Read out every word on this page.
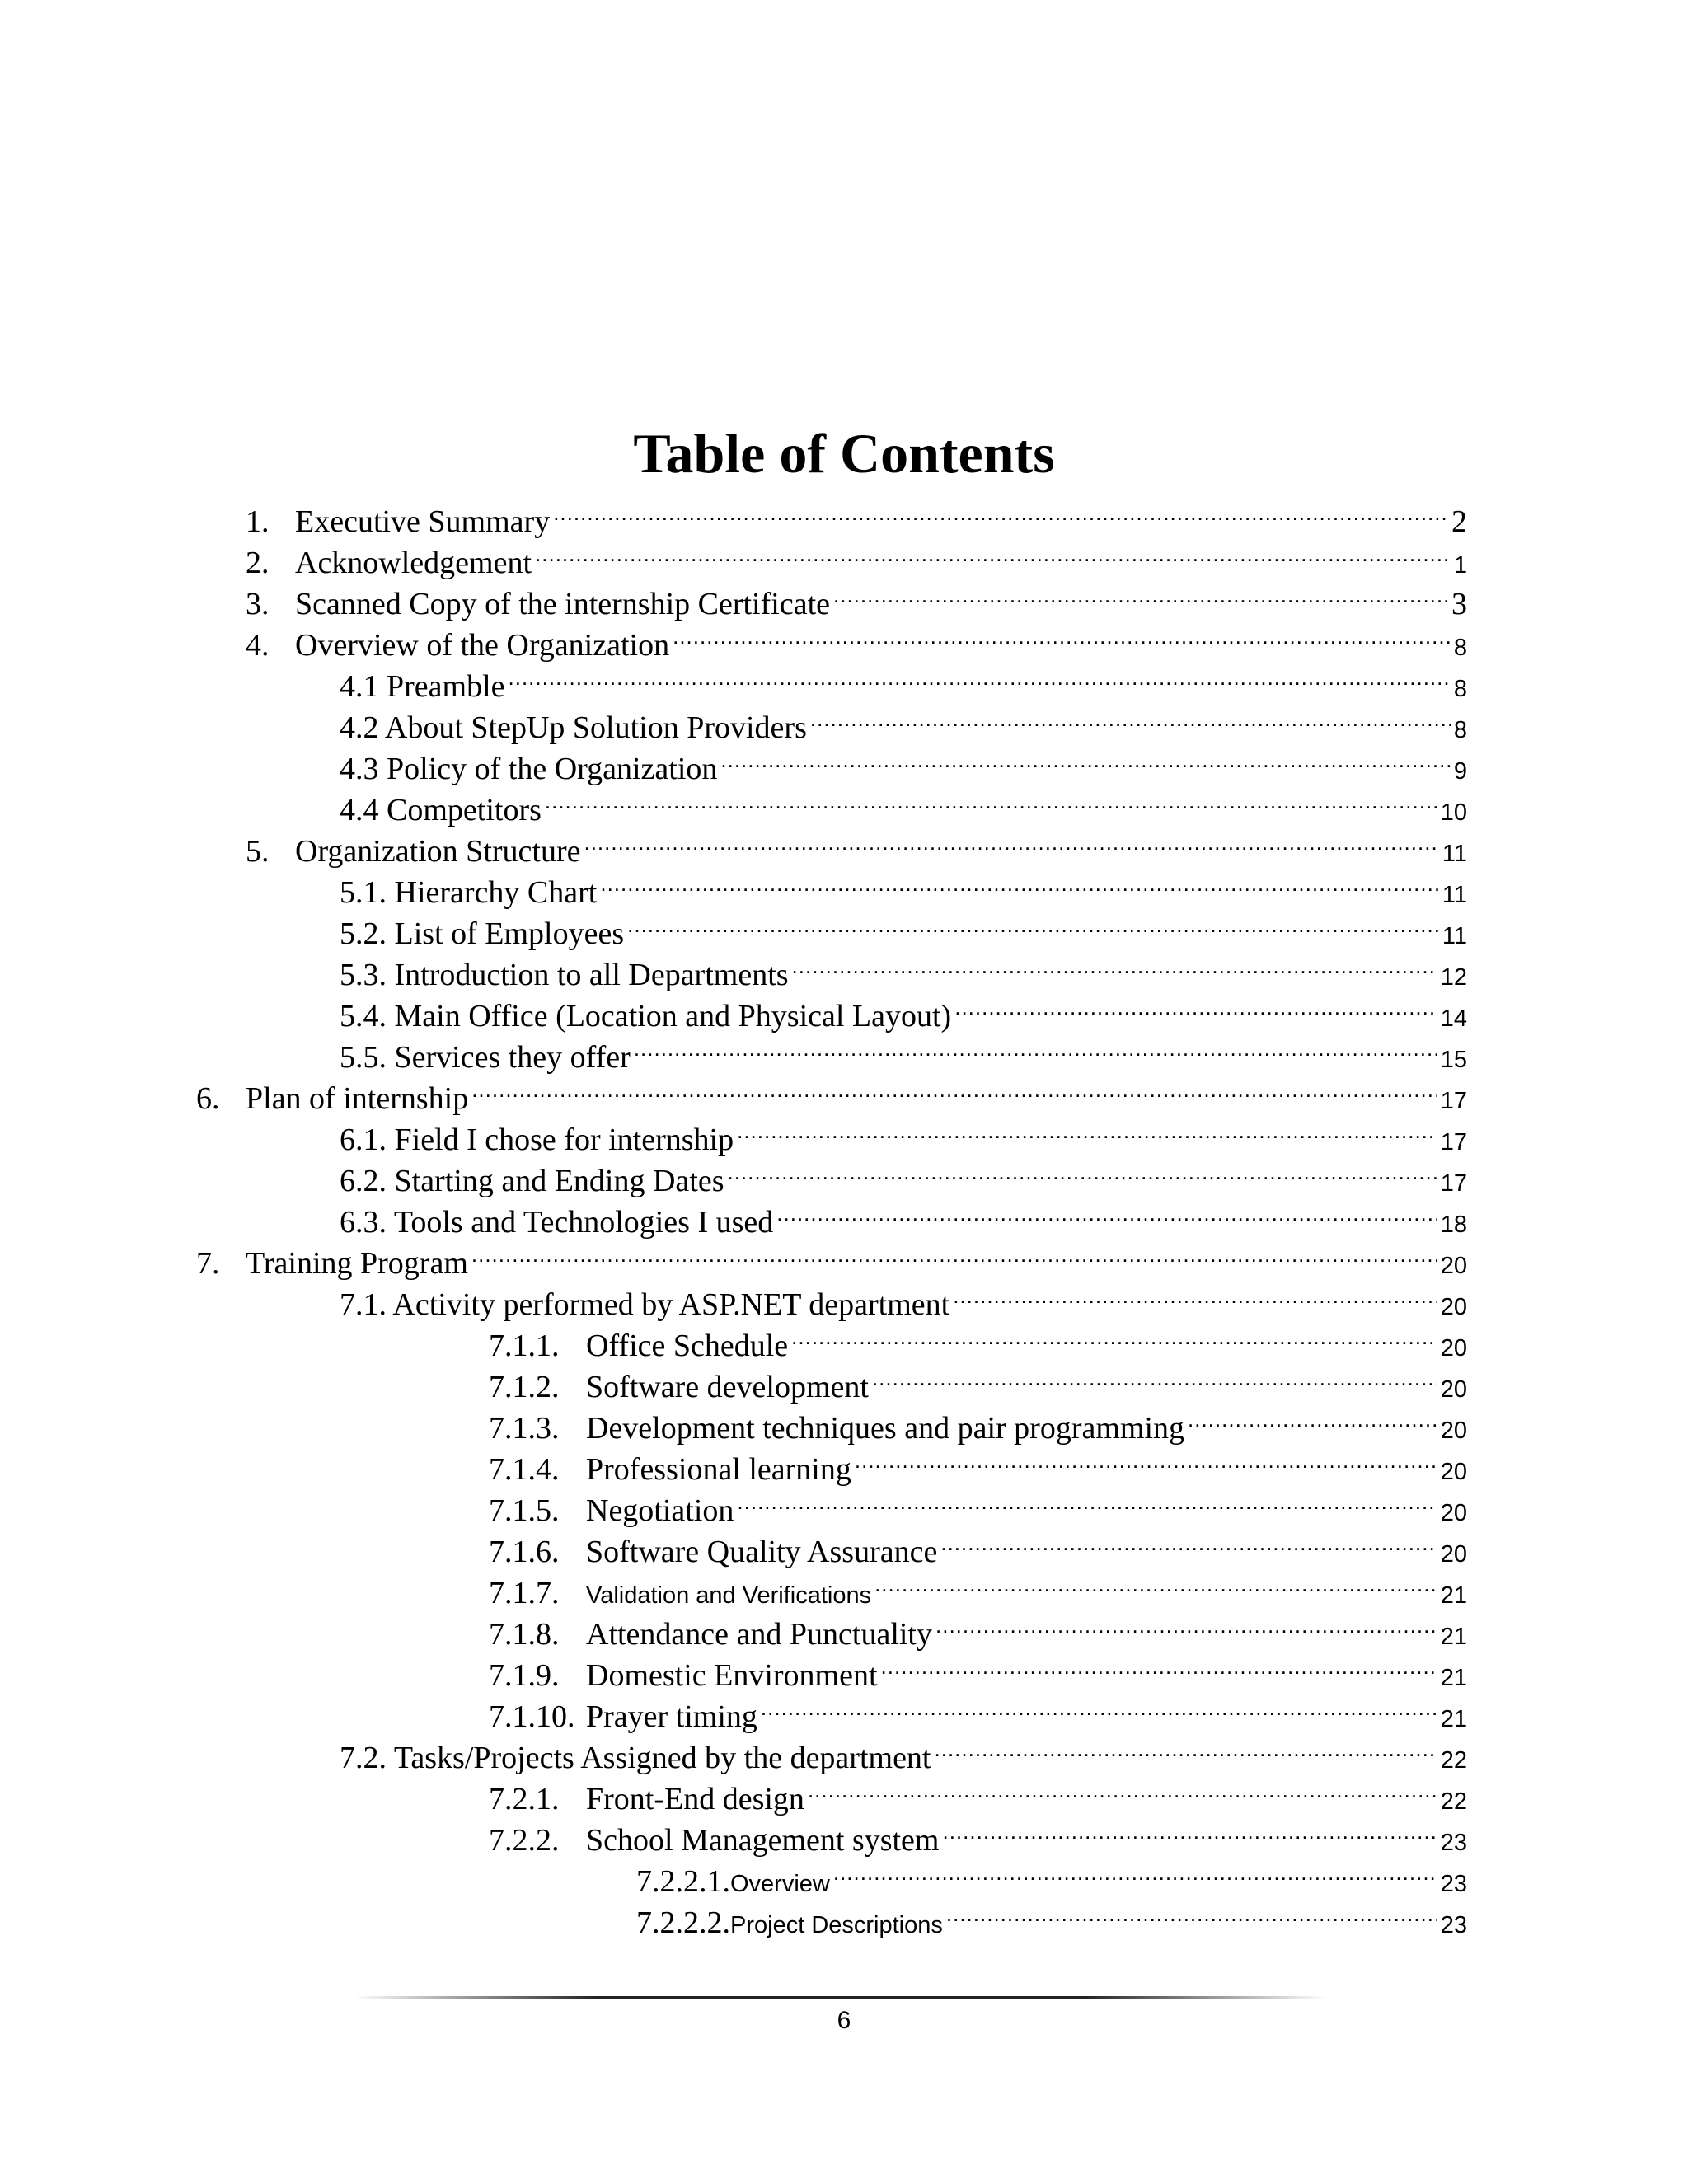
Table of Contents
1. Executive Summary .....	2
2. Acknowledgement .....	1
3. Scanned Copy of the internship Certificate .....	3
4. Overview of the Organization .....	8
4.1 Preamble .....	8
4.2 About StepUp Solution Providers .....	8
4.3 Policy of the Organization .....	9
4.4 Competitors .....	10
5. Organization Structure .....	11
5.1. Hierarchy Chart .....	11
5.2. List of Employees .....	11
5.3. Introduction to all Departments .....	12
5.4. Main Office (Location and Physical Layout) .....	14
5.5. Services they offer .....	15
6. Plan of internship .....	17
6.1. Field I chose for internship .....	17
6.2. Starting and Ending Dates .....	17
6.3. Tools and Technologies I used .....	18
7. Training Program .....	20
7.1. Activity performed by ASP.NET department .....	20
7.1.1. Office Schedule .....	20
7.1.2. Software development .....	20
7.1.3. Development techniques and pair programming .....	20
7.1.4. Professional learning .....	20
7.1.5. Negotiation .....	20
7.1.6. Software Quality Assurance .....	20
7.1.7.	Validation and Verifications .....	21
7.1.8. Attendance and Punctuality .....	21
7.1.9. Domestic Environment .....	21
7.1.10. Prayer timing .....	21
7.2. Tasks/Projects Assigned by the department .....	22
7.2.1. Front-End design .....	22
7.2.2. School Management system .....	23
7.2.2.1. Overview .....	23
7.2.2.2. Project Descriptions .....	23
6
